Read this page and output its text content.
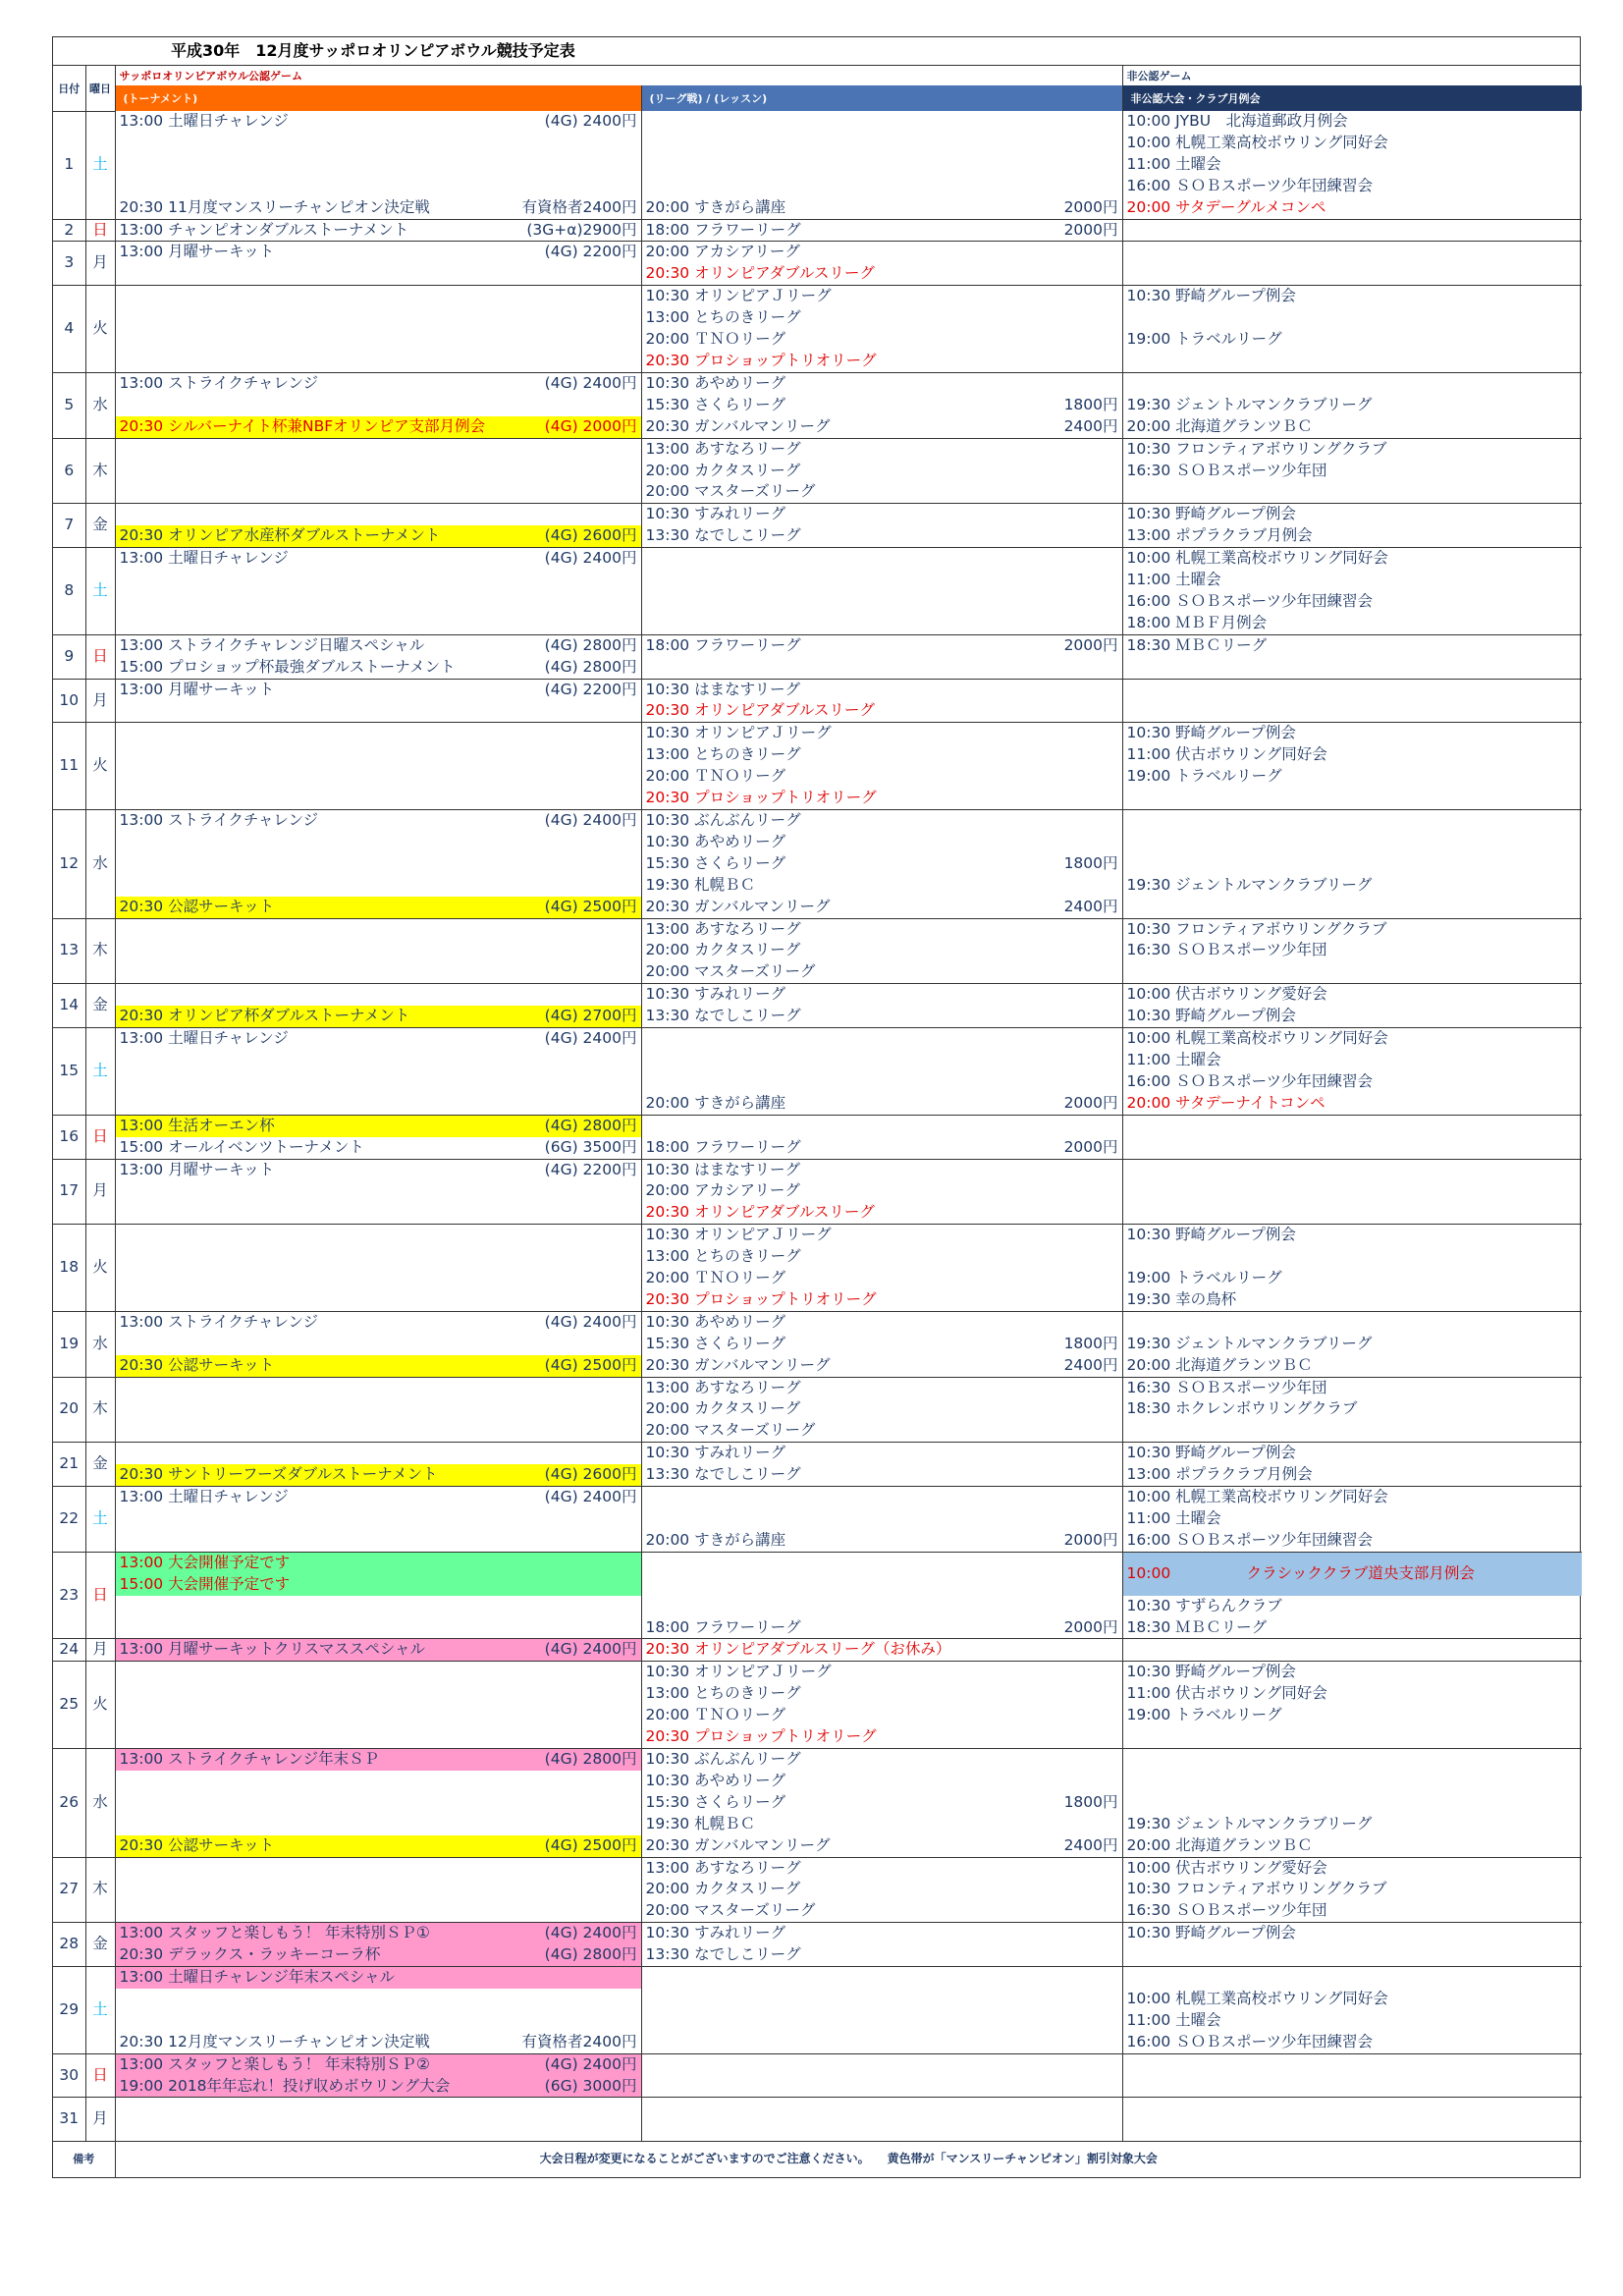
平成30年　12月度サッポロオリンピアボウル競技予定表
日付	曜日	サッポロオリンピアボウル公認ゲーム		非公認ゲーム
		(トーナメント)	(リーグ戦) / (レッスン)	非公認大会・クラブ月例会
1	土	13:00 土曜日チャレンジ (4G) 2400円		10:00 JYBU　北海道郵政月例会

				10:00 札幌工業高校ボウリング同好会

				11:00 土曜会

				16:00 ＳＯＢスポーツ少年団練習会

		20:30 11月度マンスリーチャンピオン決定戦 有資格者2400円	20:00 すきがら講座 2000円	20:00 サタデーグルメコンペ

2	日	13:00 チャンピオンダブルストーナメント (3G+α)2900円	18:00 フラワーリーグ 2000円	

3	月	13:00 月曜サーキット (4G) 2200円	20:00 アカシアリーグ	

			20:30 オリンピアダブルスリーグ	

4	火		10:30 オリンピアＪリーグ	10:30 野崎グループ例会

			13:00 とちのきリーグ	

			20:00 ＴＮＯリーグ	19:00 トラベルリーグ

			20:30 プロショップトリオリーグ	

5	水	13:00 ストライクチャレンジ (4G) 2400円	10:30 あやめリーグ	

			15:30 さくらリーグ 1800円	19:30 ジェントルマンクラブリーグ

		20:30 シルバーナイト杯兼NBFオリンピア支部月例会 (4G) 2000円	20:30 ガンバルマンリーグ 2400円	20:00 北海道グランツＢＣ

6	木		13:00 あすなろリーグ	10:30 フロンティアボウリングクラブ

			20:00 カクタスリーグ	16:30 ＳＯＢスポーツ少年団

			20:00 マスターズリーグ	

7	金		10:30 すみれリーグ	10:30 野崎グループ例会

		20:30 オリンピア水産杯ダブルストーナメント (4G) 2600円	13:30 なでしこリーグ	13:00 ポプラクラブ月例会

8	土	13:00 土曜日チャレンジ (4G) 2400円		10:00 札幌工業高校ボウリング同好会

				11:00 土曜会

				16:00 ＳＯＢスポーツ少年団練習会

				18:00 ＭＢＦ月例会

9	日	13:00 ストライクチャレンジ日曜スペシャル (4G) 2800円	18:00 フラワーリーグ 2000円	18:30 ＭＢＣリーグ

		15:00 プロショップ杯最強ダブルストーナメント (4G) 2800円		

10	月	13:00 月曜サーキット (4G) 2200円	10:30 はまなすリーグ	

			20:30 オリンピアダブルスリーグ	

11	火		10:30 オリンピアＪリーグ	10:30 野崎グループ例会

			13:00 とちのきリーグ	11:00 伏古ボウリング同好会

			20:00 ＴＮＯリーグ	19:00 トラベルリーグ

			20:30 プロショップトリオリーグ	

12	水	13:00 ストライクチャレンジ (4G) 2400円	10:30 ぶんぶんリーグ	

			10:30 あやめリーグ	

			15:30 さくらリーグ 1800円	

			19:30 札幌ＢＣ	19:30 ジェントルマンクラブリーグ

		20:30 公認サーキット (4G) 2500円	20:30 ガンバルマンリーグ 2400円	

13	木		13:00 あすなろリーグ	10:30 フロンティアボウリングクラブ

			20:00 カクタスリーグ	16:30 ＳＯＢスポーツ少年団

			20:00 マスターズリーグ	

14	金		10:30 すみれリーグ	10:00 伏古ボウリング愛好会

		20:30 オリンピア杯ダブルストーナメント (4G) 2700円	13:30 なでしこリーグ	10:30 野崎グループ例会

15	土	13:00 土曜日チャレンジ (4G) 2400円		10:00 札幌工業高校ボウリング同好会

				11:00 土曜会

				16:00 ＳＯＢスポーツ少年団練習会

			20:00 すきがら講座 2000円	20:00 サタデーナイトコンペ

16	日	13:00 生活オーエン杯 (4G) 2800円		

		15:00 オールイベンツトーナメント (6G) 3500円	18:00 フラワーリーグ 2000円	

17	月	13:00 月曜サーキット (4G) 2200円	10:30 はまなすリーグ	

			20:00 アカシアリーグ	

			20:30 オリンピアダブルスリーグ	

18	火		10:30 オリンピアＪリーグ	10:30 野崎グループ例会

			13:00 とちのきリーグ	

			20:00 ＴＮＯリーグ	19:00 トラベルリーグ

			20:30 プロショップトリオリーグ	19:30 幸の鳥杯

19	水	13:00 ストライクチャレンジ (4G) 2400円	10:30 あやめリーグ	

			15:30 さくらリーグ 1800円	19:30 ジェントルマンクラブリーグ

		20:30 公認サーキット (4G) 2500円	20:30 ガンバルマンリーグ 2400円	20:00 北海道グランツＢＣ

20	木		13:00 あすなろリーグ	16:30 ＳＯＢスポーツ少年団

			20:00 カクタスリーグ	18:30 ホクレンボウリングクラブ

			20:00 マスターズリーグ	

21	金		10:30 すみれリーグ	10:30 野崎グループ例会

		20:30 サントリーフーズダブルストーナメント (4G) 2600円	13:30 なでしこリーグ	13:00 ポプラクラブ月例会

22	土	13:00 土曜日チャレンジ (4G) 2400円		10:00 札幌工業高校ボウリング同好会

				11:00 土曜会

			20:00 すきがら講座 2000円	16:00 ＳＯＢスポーツ少年団練習会

23	日	13:00 大会開催予定です		10:00　　　　　クラシッククラブ道央支部月例会

		15:00 大会開催予定です		

				10:30 すずらんクラブ

			18:00 フラワーリーグ 2000円	18:30 ＭＢＣリーグ

24	月	13:00 月曜サーキットクリスマススペシャル (4G) 2400円	20:30 オリンピアダブルスリーグ（お休み）	

25	火		10:30 オリンピアＪリーグ	10:30 野崎グループ例会

			13:00 とちのきリーグ	11:00 伏古ボウリング同好会

			20:00 ＴＮＯリーグ	19:00 トラベルリーグ

			20:30 プロショップトリオリーグ	

26	水	13:00 ストライクチャレンジ年末ＳＰ (4G) 2800円	10:30 ぶんぶんリーグ	

			10:30 あやめリーグ	

			15:30 さくらリーグ 1800円	

			19:30 札幌ＢＣ	19:30 ジェントルマンクラブリーグ

		20:30 公認サーキット (4G) 2500円	20:30 ガンバルマンリーグ 2400円	20:00 北海道グランツＢＣ

27	木		13:00 あすなろリーグ	10:00 伏古ボウリング愛好会

			20:00 カクタスリーグ	10:30 フロンティアボウリングクラブ

			20:00 マスターズリーグ	16:30 ＳＯＢスポーツ少年団

28	金	13:00 スタッフと楽しもう！ 年末特別ＳＰ① (4G) 2400円	10:30 すみれリーグ	10:30 野崎グループ例会

		20:30 デラックス・ラッキーコーラ杯 (4G) 2800円	13:30 なでしこリーグ	

29	土	13:00 土曜日チャレンジ年末スペシャル		

				10:00 札幌工業高校ボウリング同好会

				11:00 土曜会

		20:30 12月度マンスリーチャンピオン決定戦 有資格者2400円		16:00 ＳＯＢスポーツ少年団練習会

30	日	13:00 スタッフと楽しもう！ 年末特別ＳＰ② (4G) 2400円		

		19:00 2018年年忘れ！投げ収めボウリング大会 (6G) 3000円		

31	月			

備考		大会日程が変更になることがございますのでご注意ください。　　黄色帯が「マンスリーチャンピオン」割引対象大会		
